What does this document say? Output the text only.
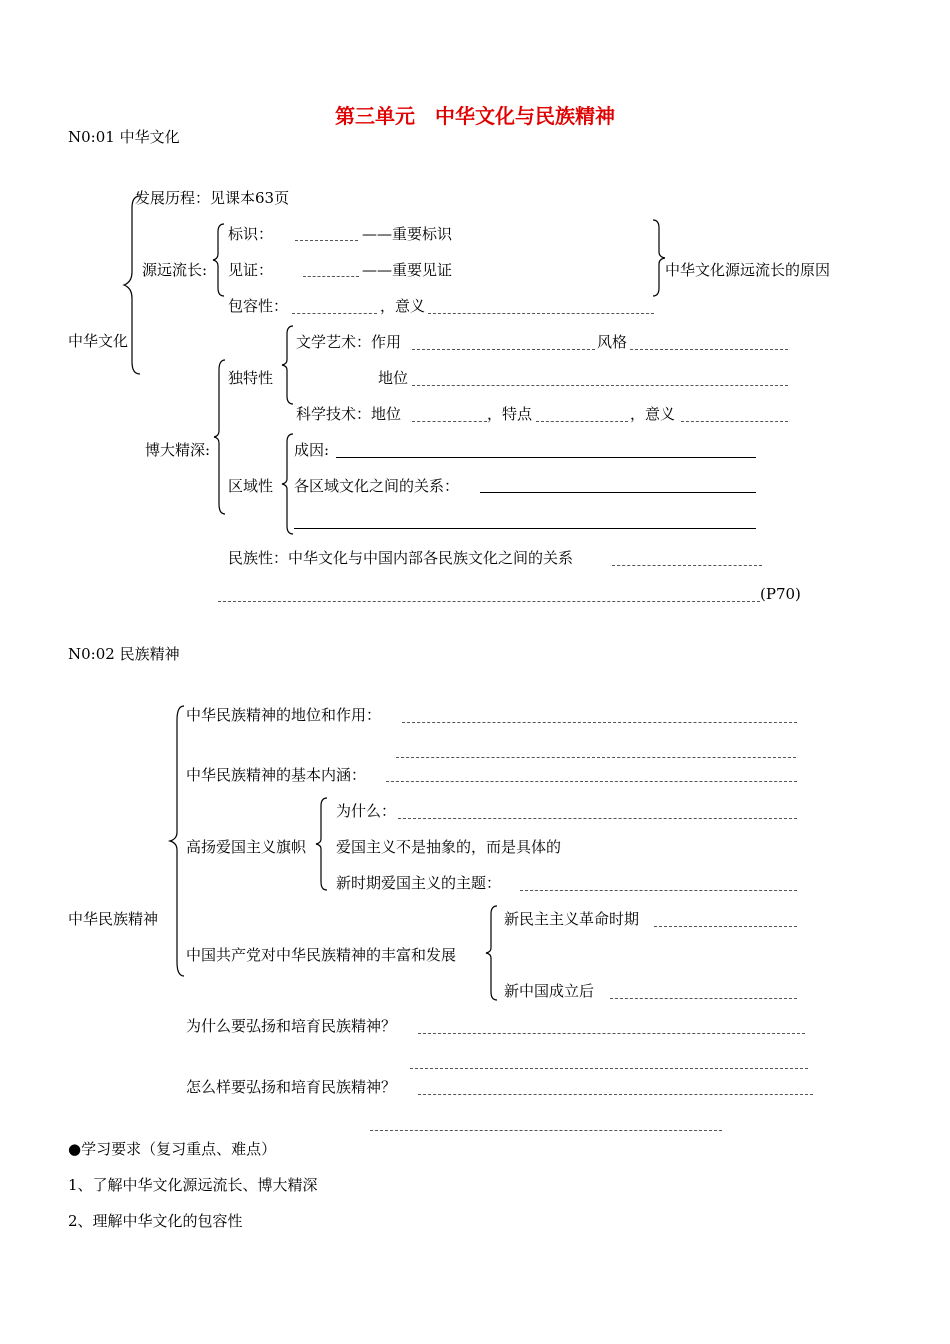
第三单元　中华文化与民族精神
N0:01 中华文化
发展历程：见课本63页
中华文化
源远流长:
标识：	——重要标识
见证：	——重要见证	中华文化源远流长的原因
包容性：	，意义
博大精深:
独特性
文学艺术：作用	风格
地位
科学技术：地位	，特点	，意义
区域性
成因:
各区域文化之间的关系：
民族性：中华文化与中国内部各民族文化之间的关系
(P70)
N0:02 民族精神
中华民族精神
中华民族精神的地位和作用：
中华民族精神的基本内涵：
高扬爱国主义旗帜
为什么：
爱国主义不是抽象的，而是具体的
新时期爱国主义的主题：
中国共产党对中华民族精神的丰富和发展
新民主主义革命时期
新中国成立后
为什么要弘扬和培育民族精神？
怎么样要弘扬和培育民族精神？
●学习要求（复习重点、难点）
1、了解中华文化源远流长、博大精深
2、理解中华文化的包容性
